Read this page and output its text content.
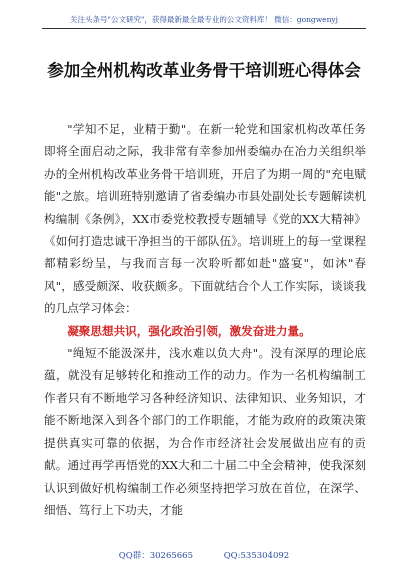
关注头条号"公文研究"，获得最新最全最专业的公文资料库！ 微信：gongwenyj
参加全州机构改革业务骨干培训班心得体会

"学知不足，业精于勤"。在新一轮党和国家机构改革任务即将全面启动之际，我非常有幸参加州委编办在冶力关组织举办的全州机构改革业务骨干培训班，开启了为期一周的"充电赋能"之旅。培训班特别邀请了省委编办市县处副处长专题解读机构编制《条例》，XX市委党校教授专题辅导《党的XX大精神》《如何打造忠诚干净担当的干部队伍》。培训班上的每一堂课程都精彩纷呈，与我而言每一次聆听都如赴"盛宴"，如沐"春风"，感受颇深、收获颇多。下面就结合个人工作实际，谈谈我的几点学习体会：

凝聚思想共识，强化政治引领，激发奋进力量。

"绳短不能汲深井，浅水难以负大舟"。没有深厚的理论底蕴，就没有足够转化和推动工作的动力。作为一名机构编制工作者只有不断地学习各种经济知识、法律知识、业务知识，才能不断地深入到各个部门的工作职能，才能为政府的政策决策提供真实可靠的依据，为合作市经济社会发展做出应有的贡献。通过再学再悟党的XX大和二十届二中全会精神，使我深刻认识到做好机构编制工作必须坚持把学习放在首位，在深学、细悟、笃行上下功夫，才能

QQ群：30265665	QQ:535304092
